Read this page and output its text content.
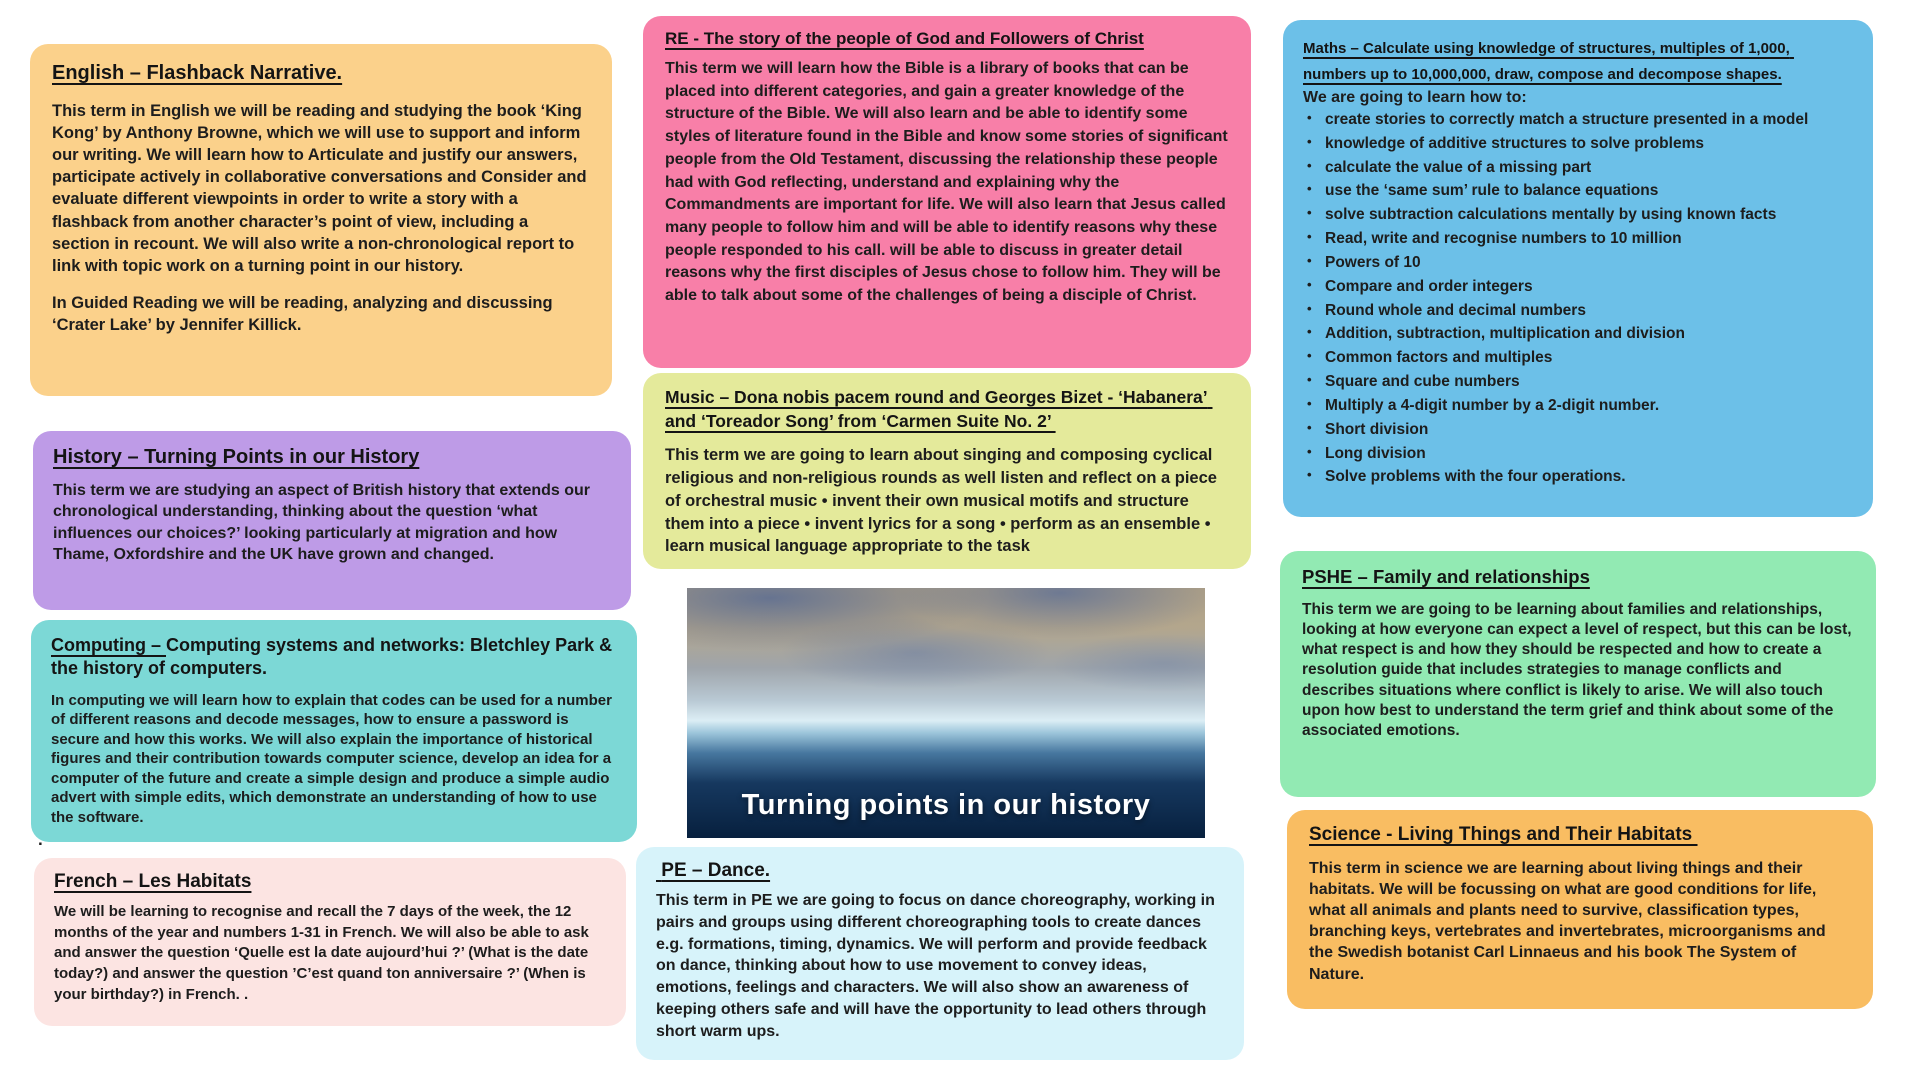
English – Flashback Narrative.

This term in English we will be reading and studying the book ‘King Kong’ by Anthony Browne, which we will use to support and inform our writing. We will learn how to Articulate and justify our answers, participate actively in collaborative conversations and Consider and evaluate different viewpoints in order to write a story with a flashback from another character’s point of view, including a section in recount. We will also write a non-chronological report to link with topic work on a turning point in our history.

In Guided Reading we will be reading, analyzing and discussing ‘Crater Lake’ by Jennifer Killick.

History – Turning Points in our History

This term we are studying an aspect of British history that extends our chronological understanding, thinking about the question ‘what influences our choices?’ looking particularly at migration and how Thame, Oxfordshire and the UK have grown and changed.

Computing – Computing systems and networks: Bletchley Park & the history of computers.

In computing we will learn how to explain that codes can be used for a number of different reasons and decode messages, how to ensure a password is secure and how this works. We will also explain the importance of historical figures and their contribution towards computer science, develop an idea for a computer of the future and create a simple design and produce a simple audio advert with simple edits, which demonstrate an understanding of how to use the software.

.
French – Les Habitats

We will be learning to recognise and recall the 7 days of the week, the 12 months of the year and numbers 1-31 in French. We will also be able to ask and answer the question ‘Quelle est la date aujourd’hui ?’ (What is the date today?) and answer the question ’C’est quand ton anniversaire ?’ (When is your birthday?) in French. .

RE - The story of the people of God and Followers of Christ

This term we will learn how the Bible is a library of books that can be placed into different categories, and gain a greater knowledge of the structure of the Bible. We will also learn and be able to identify some styles of literature found in the Bible and know some stories of significant people from the Old Testament, discussing the relationship these people had with God reflecting, understand and explaining why the Commandments are important for life. We will also learn that Jesus called many people to follow him and will be able to identify reasons why these people responded to his call. will be able to discuss in greater detail reasons why the first disciples of Jesus chose to follow him. They will be able to talk about some of the challenges of being a disciple of Christ.

Music – Dona nobis pacem round and Georges Bizet - ‘Habanera’ and ‘Toreador Song’ from ‘Carmen Suite No. 2’

This term we are going to learn about singing and composing cyclical religious and non-religious rounds as well listen and reflect on a piece of orchestral music • invent their own musical motifs and structure them into a piece • invent lyrics for a song • perform as an ensemble • learn musical language appropriate to the task

Turning points in our history
PE – Dance.

This term in PE we are going to focus on dance choreography, working in pairs and groups using different choreographing tools to create dances e.g. formations, timing, dynamics. We will perform and provide feedback on dance, thinking about how to use movement to convey ideas, emotions, feelings and characters. We will also show an awareness of keeping others safe and will have the opportunity to lead others through short warm ups.

Maths – Calculate using knowledge of structures, multiples of 1,000, numbers up to 10,000,000, draw, compose and decompose shapes.

We are going to learn how to:

• create stories to correctly match a structure presented in a model
• knowledge of additive structures to solve problems
• calculate the value of a missing part
• use the ‘same sum’ rule to balance equations
• solve subtraction calculations mentally by using known facts
• Read, write and recognise numbers to 10 million
• Powers of 10
• Compare and order integers
• Round whole and decimal numbers
• Addition, subtraction, multiplication and division
• Common factors and multiples
• Square and cube numbers
• Multiply a 4-digit number by a 2-digit number.
• Short division
• Long division
• Solve problems with the four operations.
PSHE – Family and relationships

This term we are going to be learning about families and relationships, looking at how everyone can expect a level of respect, but this can be lost, what respect is and how they should be respected and how to create a resolution guide that includes strategies to manage conflicts and describes situations where conflict is likely to arise. We will also touch upon how best to understand the term grief and think about some of the associated emotions.

Science - Living Things and Their Habitats

This term in science we are learning about living things and their habitats. We will be focussing on what are good conditions for life, what all animals and plants need to survive, classification types, branching keys, vertebrates and invertebrates, microorganisms and the Swedish botanist Carl Linnaeus and his book The System of Nature.
